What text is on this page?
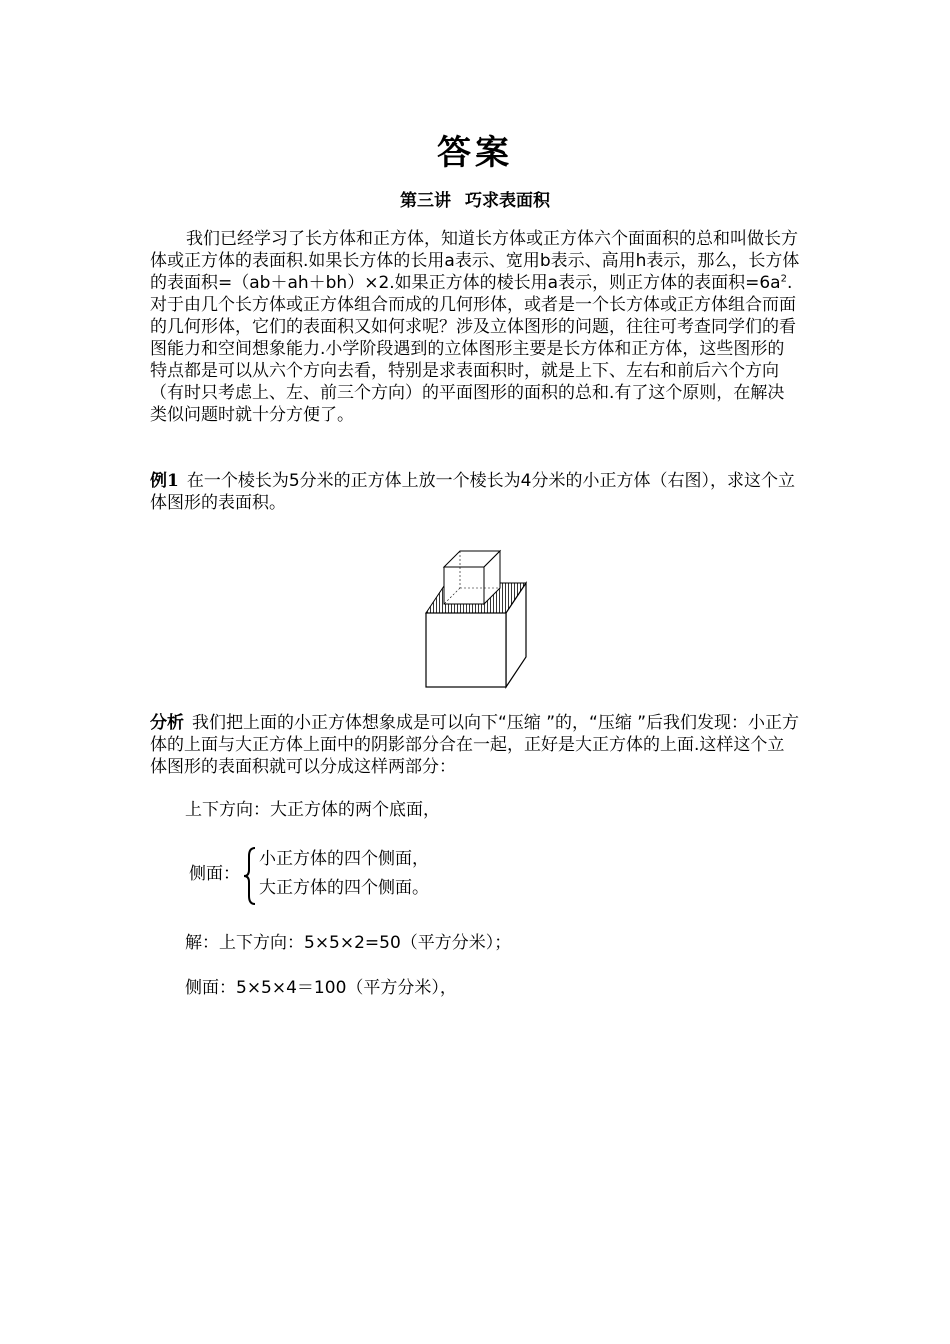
答案
第三讲 巧求表面积
我们已经学习了长方体和正方体，知道长方体或正方体六个面面积的总和叫做长方体或正方体的表面积.如果长方体的长用a表示、宽用b表示、高用h表示，那么，长方体的表面积=（ab＋ah＋bh）×2.如果正方体的棱长用a表示，则正方体的表面积$=6a^2$.对于由几个长方体或正方体组合而成的几何形体，或者是一个长方体或正方体组合而面的几何形体，它们的表面积又如何求呢？涉及立体图形的问题，往往可考查同学们的看图能力和空间想象能力.小学阶段遇到的立体图形主要是长方体和正方体，这些图形的特点都是可以从六个方向去看，特别是求表面积时，就是上下、左右和前后六个方向（有时只考虑上、左、前三个方向）的平面图形的面积的总和.有了这个原则，在解决类似问题时就十分方便了。
例1 在一个棱长为5分米的正方体上放一个棱长为4分米的小正方体（右图），求这个立体图形的表面积。
分析 我们把上面的小正方体想象成是可以向下“压缩 ”的，“压缩 ”后我们发现：小正方体的上面与大正方体上面中的阴影部分合在一起，正好是大正方体的上面.这样这个立体图形的表面积就可以分成这样两部分：
上下方向：大正方体的两个底面，
侧面：
小正方体的四个侧面，
大正方体的四个侧面。
解：上下方向：5×5×2=50（平方分米）；
侧面：5×5×4＝100（平方分米），
